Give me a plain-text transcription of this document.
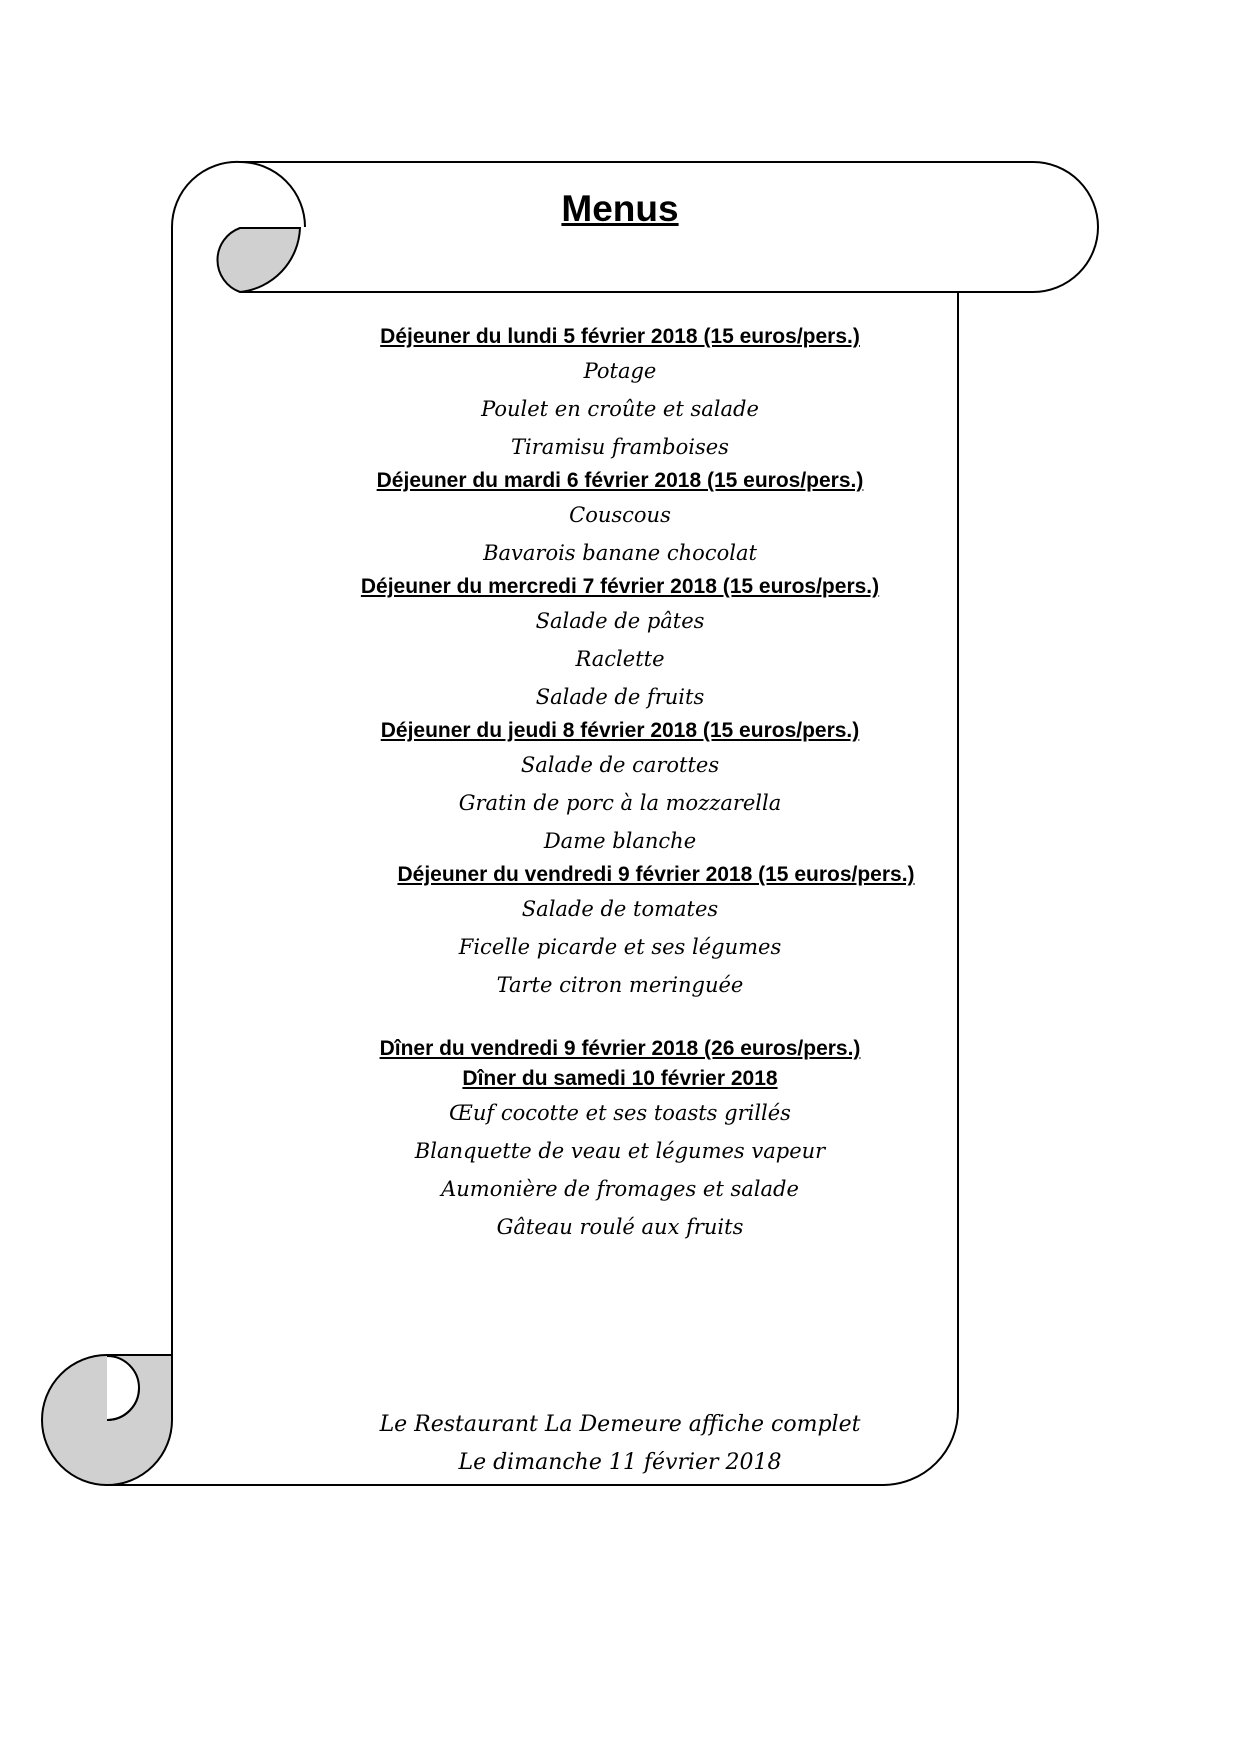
Menus
Déjeuner du lundi 5 février 2018 (15 euros/pers.)
Potage
Poulet en croûte et salade
Tiramisu framboises
Déjeuner du mardi 6 février 2018 (15 euros/pers.)
Couscous
Bavarois banane chocolat
Déjeuner du mercredi 7 février 2018 (15 euros/pers.)
Salade de pâtes
Raclette
Salade de fruits
Déjeuner du jeudi 8 février 2018 (15 euros/pers.)
Salade de carottes
Gratin de porc à la mozzarella
Dame blanche
Déjeuner du vendredi 9 février 2018 (15 euros/pers.)
Salade de tomates
Ficelle picarde et ses légumes
Tarte citron meringuée
Dîner du vendredi 9 février 2018 (26 euros/pers.)
Dîner du samedi 10 février 2018
Œuf cocotte et ses toasts grillés
Blanquette de veau et légumes vapeur
Aumonière de fromages et salade
Gâteau roulé aux fruits
Le Restaurant La Demeure affiche complet
Le dimanche 11 février 2018
